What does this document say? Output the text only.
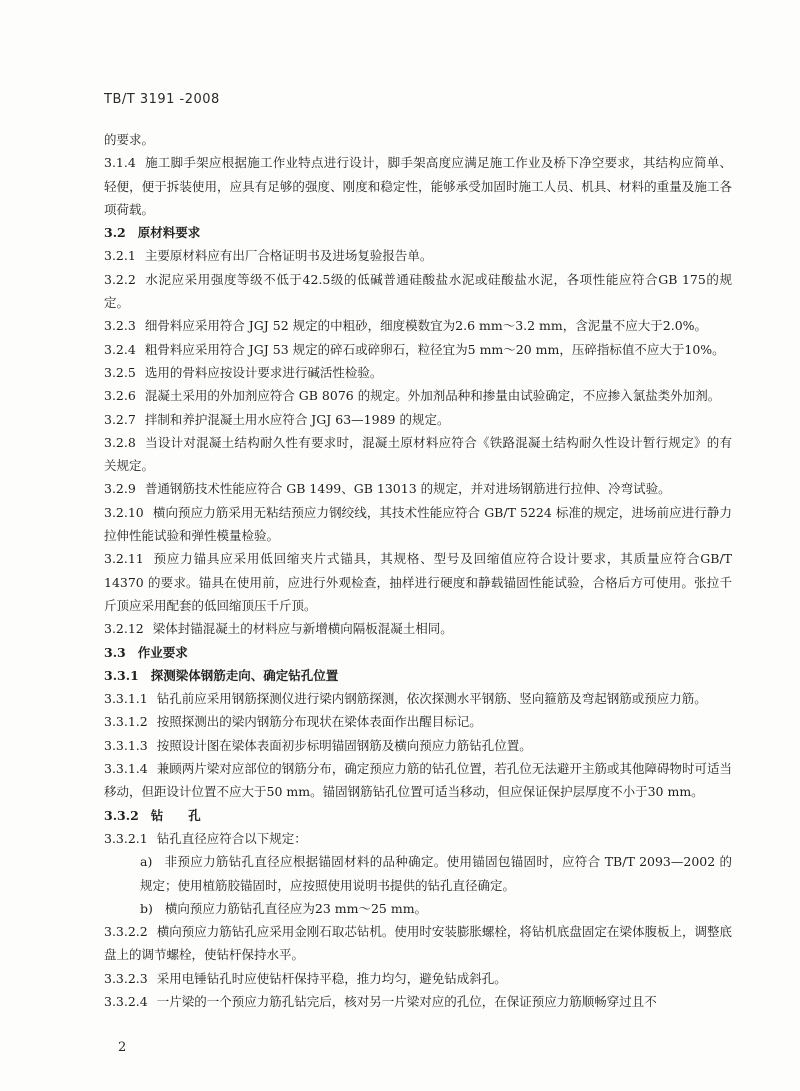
TB/T 3191 -2008

的要求。

3.1.4 施工脚手架应根据施工作业特点进行设计，脚手架高度应满足施工作业及桥下净空要求，其结构应简单、轻便，便于拆装使用，应具有足够的强度、刚度和稳定性，能够承受加固时施工人员、机具、材料的重量及施工各项荷载。

3.2 原材料要求

3.2.1 主要原材料应有出厂合格证明书及进场复验报告单。

3.2.2 水泥应采用强度等级不低于42.5级的低碱普通硅酸盐水泥或硅酸盐水泥，各项性能应符合GB 175的规定。

3.2.3 细骨料应采用符合 JGJ 52 规定的中粗砂，细度模数宜为2.6 mm～3.2 mm，含泥量不应大于2.0%。

3.2.4 粗骨料应采用符合 JGJ 53 规定的碎石或碎卵石，粒径宜为5 mm～20 mm，压碎指标值不应大于10%。

3.2.5 选用的骨料应按设计要求进行碱活性检验。

3.2.6 混凝土采用的外加剂应符合 GB 8076 的规定。外加剂品种和掺量由试验确定，不应掺入氯盐类外加剂。

3.2.7 拌制和养护混凝土用水应符合 JGJ 63—1989 的规定。

3.2.8 当设计对混凝土结构耐久性有要求时，混凝土原材料应符合《铁路混凝土结构耐久性设计暂行规定》的有关规定。

3.2.9 普通钢筋技术性能应符合 GB 1499、GB 13013 的规定，并对进场钢筋进行拉伸、冷弯试验。

3.2.10 横向预应力筋采用无粘结预应力钢绞线，其技术性能应符合 GB/T 5224 标准的规定，进场前应进行静力拉伸性能试验和弹性模量检验。

3.2.11 预应力锚具应采用低回缩夹片式锚具，其规格、型号及回缩值应符合设计要求，其质量应符合GB/T 14370 的要求。锚具在使用前，应进行外观检查，抽样进行硬度和静载锚固性能试验，合格后方可使用。张拉千斤顶应采用配套的低回缩顶压千斤顶。

3.2.12 梁体封锚混凝土的材料应与新增横向隔板混凝土相同。

3.3 作业要求

3.3.1 探测梁体钢筋走向、确定钻孔位置

3.3.1.1 钻孔前应采用钢筋探测仪进行梁内钢筋探测，依次探测水平钢筋、竖向箍筋及弯起钢筋或预应力筋。

3.3.1.2 按照探测出的梁内钢筋分布现状在梁体表面作出醒目标记。

3.3.1.3 按照设计图在梁体表面初步标明锚固钢筋及横向预应力筋钻孔位置。

3.3.1.4 兼顾两片梁对应部位的钢筋分布，确定预应力筋的钻孔位置，若孔位无法避开主筋或其他障碍物时可适当移动，但距设计位置不应大于50 mm。锚固钢筋钻孔位置可适当移动，但应保证保护层厚度不小于30 mm。

3.3.2 钻　　孔

3.3.2.1 钻孔直径应符合以下规定：

a) 非预应力筋钻孔直径应根据锚固材料的品种确定。使用锚固包锚固时，应符合 TB/T 2093—2002 的规定；使用植筋胶锚固时，应按照使用说明书提供的钻孔直径确定。

b) 横向预应力筋钻孔直径应为23 mm～25 mm。

3.3.2.2 横向预应力筋钻孔应采用金刚石取芯钻机。使用时安装膨胀螺栓，将钻机底盘固定在梁体腹板上，调整底盘上的调节螺栓，使钻杆保持水平。

3.3.2.3 采用电锤钻孔时应使钻杆保持平稳，推力均匀，避免钻成斜孔。

3.3.2.4 一片梁的一个预应力筋孔钻完后，核对另一片梁对应的孔位，在保证预应力筋顺畅穿过且不

2
